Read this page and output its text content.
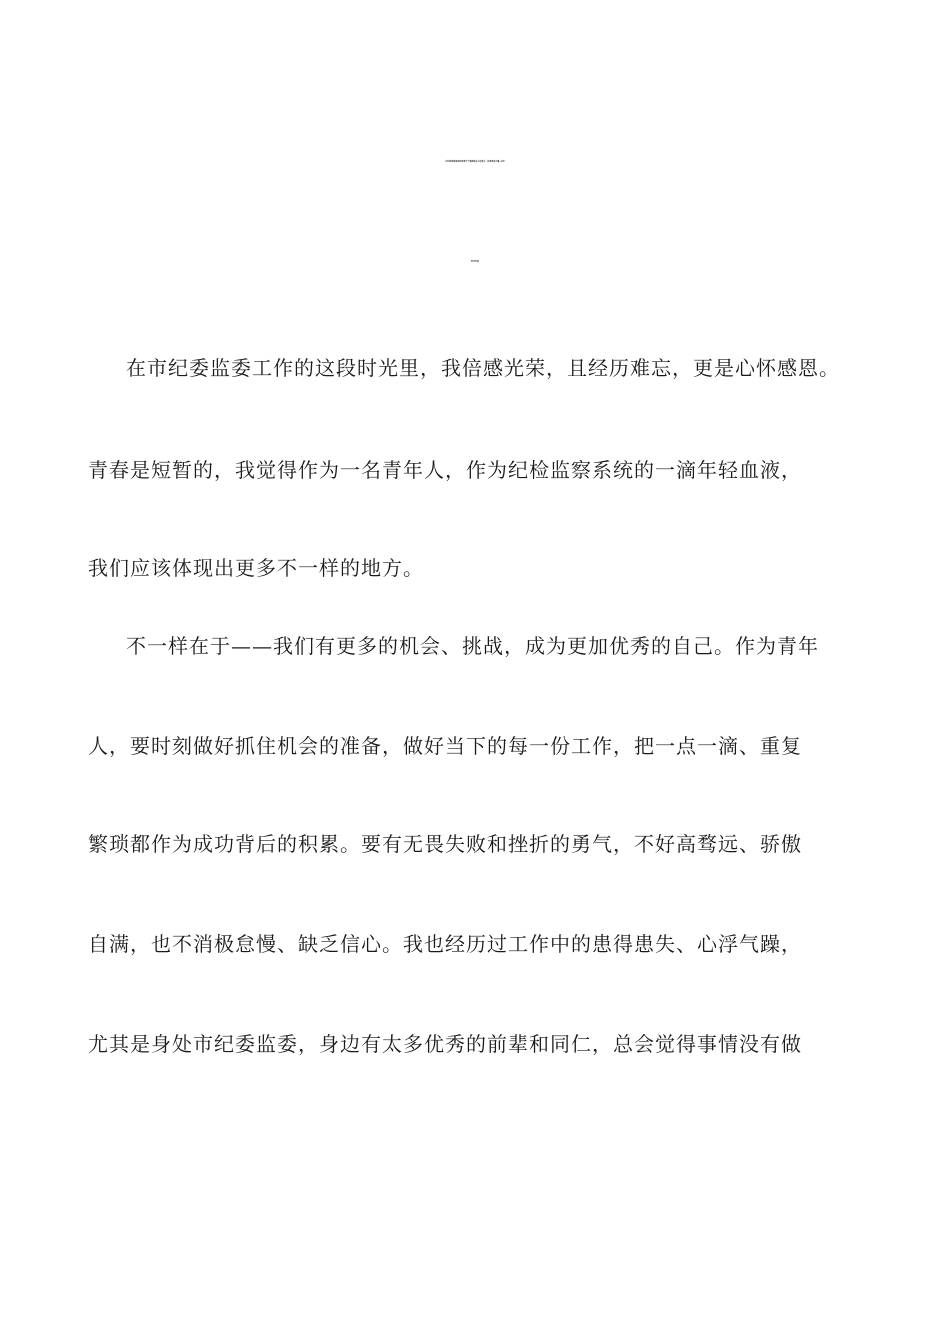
在纪检监察系统优秀青年干部座谈会上的发言：传承青春力量•书写
时代华章
在市纪委监委工作的这段时光里，我倍感光荣，且经历难忘，更是心怀感恩。
青春是短暂的，我觉得作为一名青年人，作为纪检监察系统的一滴年轻血液，
我们应该体现出更多不一样的地方。
不一样在于——我们有更多的机会、挑战，成为更加优秀的自己。作为青年
人，要时刻做好抓住机会的准备，做好当下的每一份工作，把一点一滴、重复
繁琐都作为成功背后的积累。要有无畏失败和挫折的勇气，不好高骛远、骄傲
自满，也不消极怠慢、缺乏信心。我也经历过工作中的患得患失、心浮气躁，
尤其是身处市纪委监委，身边有太多优秀的前辈和同仁，总会觉得事情没有做
